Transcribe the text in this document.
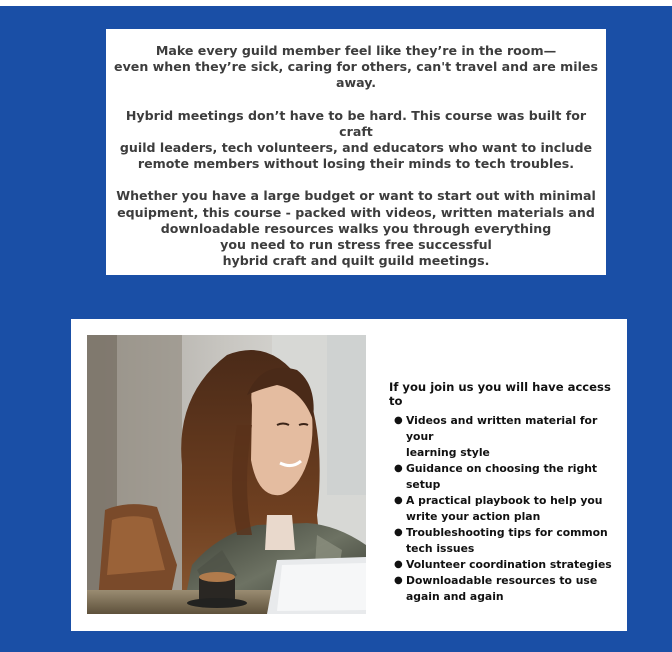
Make every guild member feel like they’re in the room—
even when they’re sick, caring for others, can't travel and are miles
away.

Hybrid meetings don’t have to be hard. This course was built for craft
guild leaders, tech volunteers, and educators who want to include
remote members without losing their minds to tech troubles.

Whether you have a large budget or want to start out with minimal
equipment, this course - packed with videos, written materials and
downloadable resources walks you through everything
you need to run stress free successful
hybrid craft and quilt guild meetings.

If you join us you will have access to
● Videos and written material for your
learning style
● Guidance on choosing the right
setup
● A practical playbook to help you
write your action plan
● Troubleshooting tips for common
tech issues
● Volunteer coordination strategies
● Downloadable resources to use
again and again
